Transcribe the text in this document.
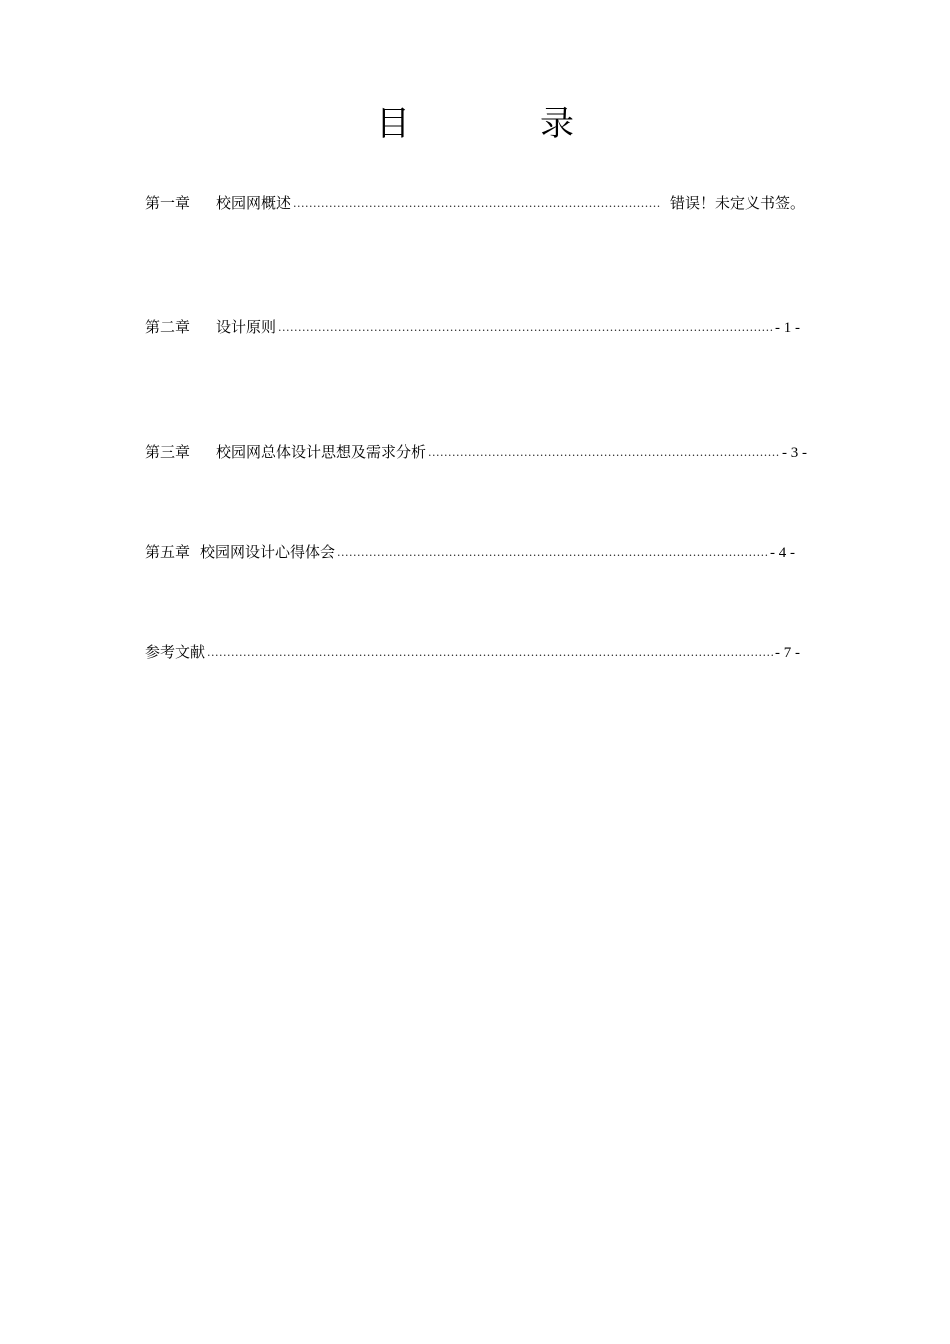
目　录
第一章 校园网概述 .....	错误！未定义书签。
第二章 设计原则 .....	- 1 -
第三章 校园网总体设计思想及需求分析 .....	- 3 -
第五章 校园网设计心得体会 .....	- 4 -
参考文献 .....	- 7 -
